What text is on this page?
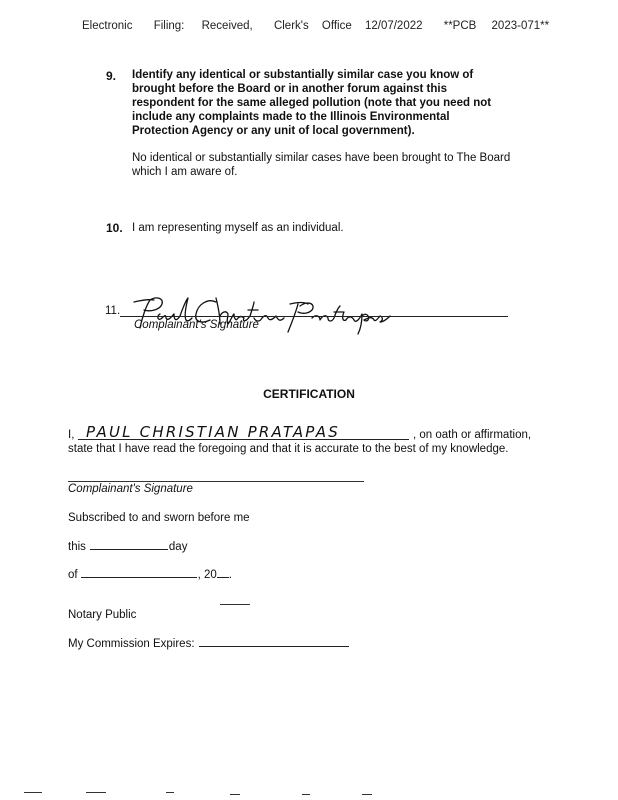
Electronic Filing: Received, Clerk's Office 12/07/2022 **PCB 2023-071**
9. Identify any identical or substantially similar case you know of brought before the Board or in another forum against this respondent for the same alleged pollution (note that you need not include any complaints made to the Illinois Environmental Protection Agency or any unit of local government).
No identical or substantially similar cases have been brought to The Board which I am aware of.
10. I am representing myself as an individual.
11.
Complainant's Signature
CERTIFICATION
I, PAUL CHRISTIAN PRATAPAS	, on oath or affirmation,
state that I have read the foregoing and that it is accurate to the best of my knowledge.
Complainant's Signature
Subscribed to and sworn before me
this	day
of	, 20 .
Notary Public
My Commission Expires:
